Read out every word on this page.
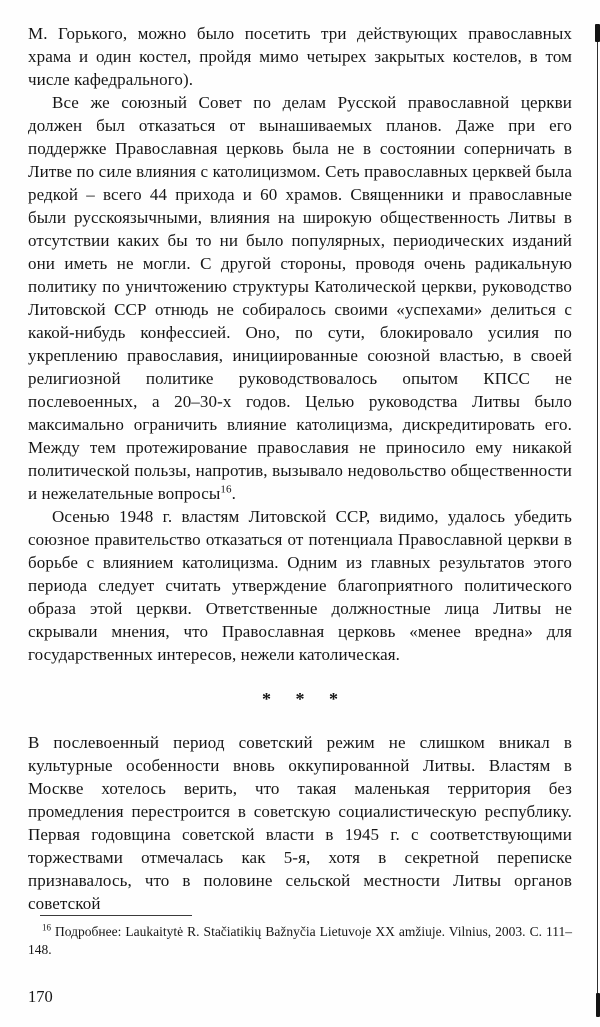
М. Горького, можно было посетить три действующих православных храма и один костел, пройдя мимо четырех закрытых костелов, в том числе кафедрального).

Все же союзный Совет по делам Русской православной церкви должен был отказаться от вынашиваемых планов. Даже при его поддержке Православная церковь была не в состоянии соперничать в Литве по силе влияния с католицизмом. Сеть православных церквей была редкой – всего 44 прихода и 60 храмов. Священники и православные были русскоязычными, влияния на широкую общественность Литвы в отсутствии каких бы то ни было популярных, периодических изданий они иметь не могли. С другой стороны, проводя очень радикальную политику по уничтожению структуры Католической церкви, руководство Литовской ССР отнюдь не собиралось своими «успехами» делиться с какой-нибудь конфессией. Оно, по сути, блокировало усилия по укреплению православия, инициированные союзной властью, в своей религиозной политике руководствовалось опытом КПСС не послевоенных, а 20–30-х годов. Целью руководства Литвы было максимально ограничить влияние католицизма, дискредитировать его. Между тем протежирование православия не приносило ему никакой политической пользы, напротив, вызывало недовольство общественности и нежелательные вопросы$^{16}$.

Осенью 1948 г. властям Литовской ССР, видимо, удалось убедить союзное правительство отказаться от потенциала Православной церкви в борьбе с влиянием католицизма. Одним из главных результатов этого периода следует считать утверждение благоприятного политического образа этой церкви. Ответственные должностные лица Литвы не скрывали мнения, что Православная церковь «менее вредна» для государственных интересов, нежели католическая.

* * *

В послевоенный период советский режим не слишком вникал в культурные особенности вновь оккупированной Литвы. Властям в Москве хотелось верить, что такая маленькая территория без промедления перестроится в советскую социалистическую республику. Первая годовщина советской власти в 1945 г. с соответствующими торжествами отмечалась как 5-я, хотя в секретной переписке признавалось, что в половине сельской местности Литвы органов советской

$^{16}$ Подробнее: Laukaitytė R. Stačiatikių Bažnyčia Lietuvoje XX amžiuje. Vilnius, 2003. С. 111–148.

170
